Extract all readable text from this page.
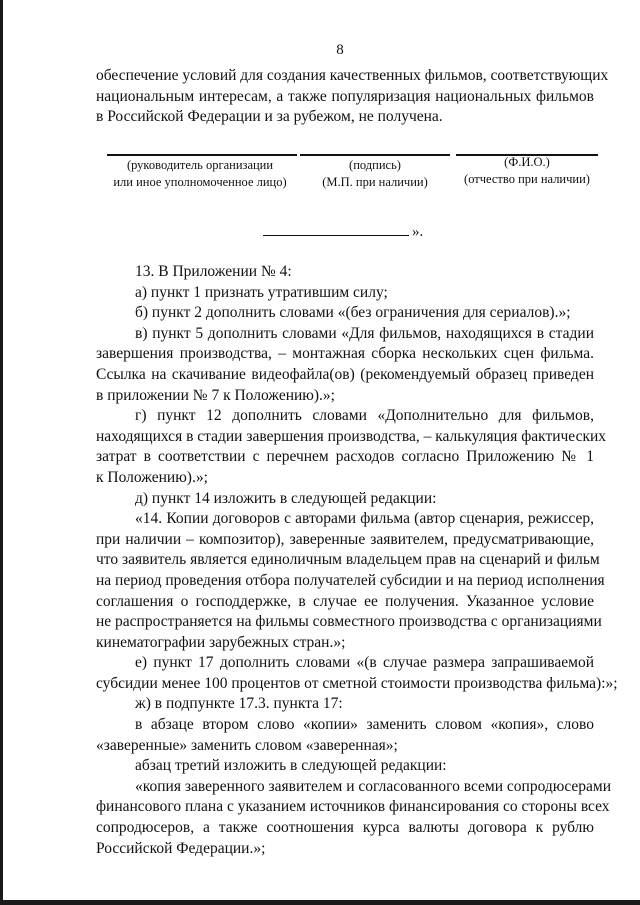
8
обеспечение условий для создания качественных фильмов, соответствующих
национальным интересам, а также популяризация национальных фильмов
в Российской Федерации и за рубежом, не получена.
(руководитель организации
или иное уполномоченное лицо)
(подпись)
(М.П. при наличии)
(Ф.И.О.)
(отчество при наличии)
».
13. В Приложении № 4:
а) пункт 1 признать утратившим силу;
б) пункт 2 дополнить словами «(без ограничения для сериалов).»;
в) пункт 5 дополнить словами «Для фильмов, находящихся в стадии
завершения производства, – монтажная сборка нескольких сцен фильма.
Ссылка на скачивание видеофайла(ов) (рекомендуемый образец приведен
в приложении № 7 к Положению).»;
г) пункт 12 дополнить словами «Дополнительно для фильмов,
находящихся в стадии завершения производства, – калькуляция фактических
затрат в соответствии с перечнем расходов согласно Приложению № 1
к Положению).»;
д) пункт 14 изложить в следующей редакции:
«14. Копии договоров с авторами фильма (автор сценария, режиссер,
при наличии – композитор), заверенные заявителем, предусматривающие,
что заявитель является единоличным владельцем прав на сценарий и фильм
на период проведения отбора получателей субсидии и на период исполнения
соглашения о господдержке, в случае ее получения. Указанное условие
не распространяется на фильмы совместного производства с организациями
кинематографии зарубежных стран.»;
е) пункт 17 дополнить словами «(в случае размера запрашиваемой
субсидии менее 100 процентов от сметной стоимости производства фильма):»;
ж) в подпункте 17.3. пункта 17:
в абзаце втором слово «копии» заменить словом «копия», слово
«заверенные» заменить словом «заверенная»;
абзац третий изложить в следующей редакции:
«копия заверенного заявителем и согласованного всеми сопродюсерами
финансового плана с указанием источников финансирования со стороны всех
сопродюсеров, а также соотношения курса валюты договора к рублю
Российской Федерации.»;
